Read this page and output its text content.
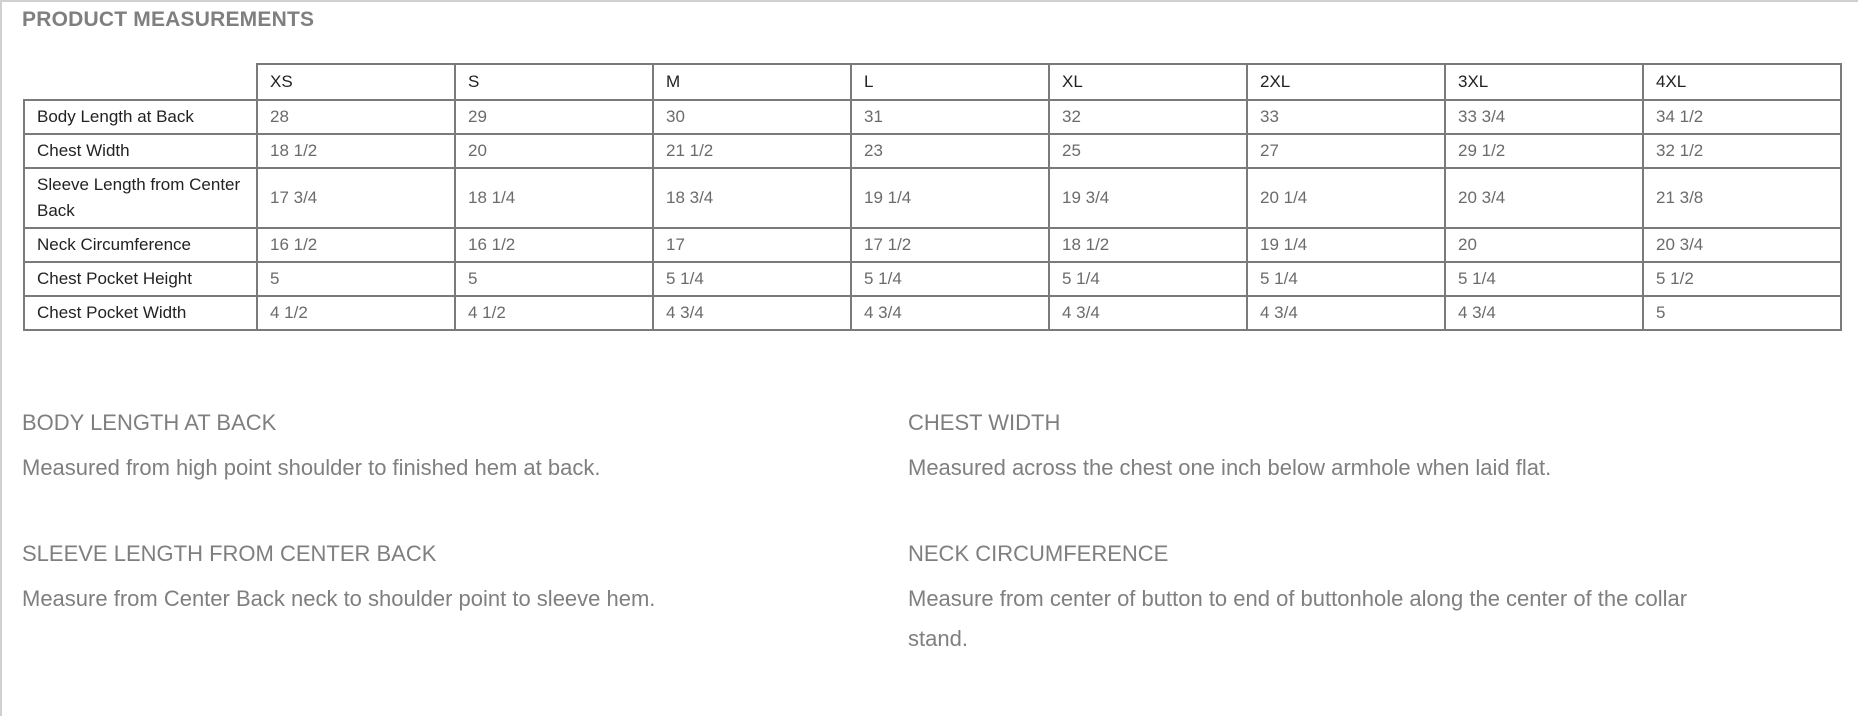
PRODUCT MEASUREMENTS
	XS	S	M	L	XL	2XL	3XL	4XL
Body Length at Back	28	29	30	31	32	33	33 3/4	34 1/2
Chest Width	18 1/2	20	21 1/2	23	25	27	29 1/2	32 1/2
Sleeve Length from Center Back	17 3/4	18 1/4	18 3/4	19 1/4	19 3/4	20 1/4	20 3/4	21 3/8
Neck Circumference	16 1/2	16 1/2	17	17 1/2	18 1/2	19 1/4	20	20 3/4
Chest Pocket Height	5	5	5 1/4	5 1/4	5 1/4	5 1/4	5 1/4	5 1/2
Chest Pocket Width	4 1/2	4 1/2	4 3/4	4 3/4	4 3/4	4 3/4	4 3/4	5
BODY LENGTH AT BACK

Measured from high point shoulder to finished hem at back.

CHEST WIDTH

Measured across the chest one inch below armhole when laid flat.

SLEEVE LENGTH FROM CENTER BACK

Measure from Center Back neck to shoulder point to sleeve hem.

NECK CIRCUMFERENCE

Measure from center of button to end of buttonhole along the center of the collar stand.
